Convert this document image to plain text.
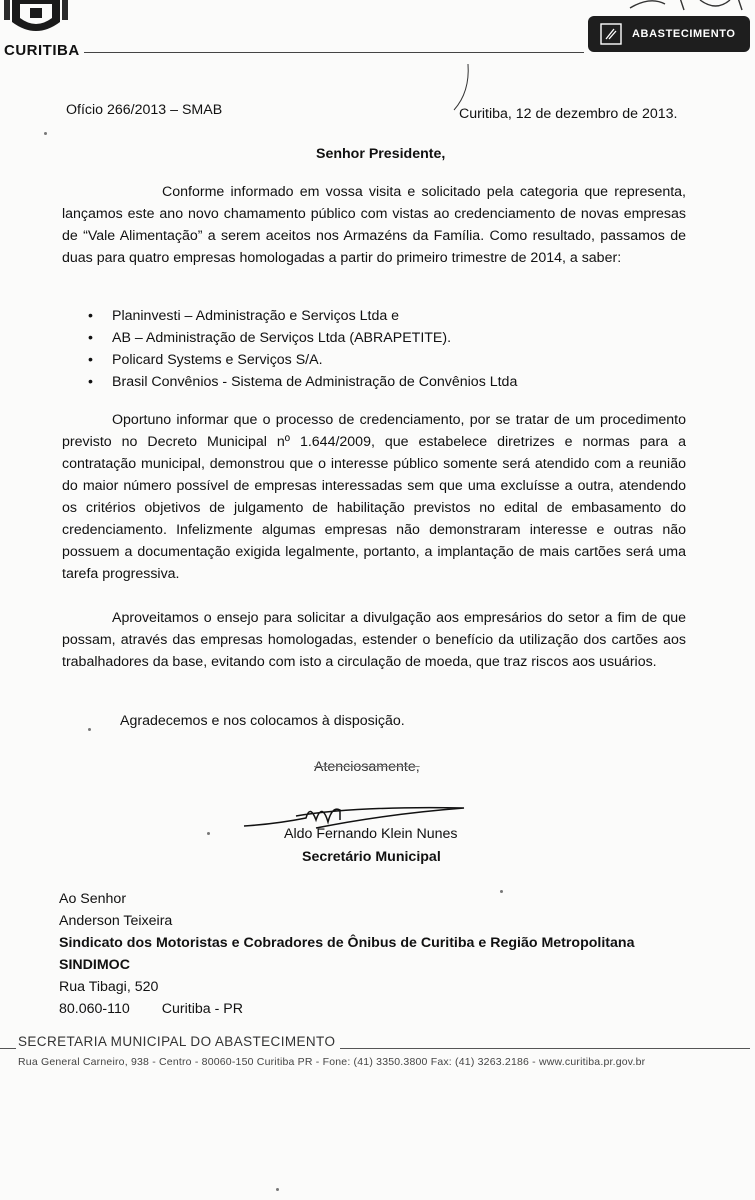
CURITIBA
ABASTECIMENTO
Ofício 266/2013 – SMAB	Curitiba, 12 de dezembro de 2013.
Senhor Presidente,
Conforme informado em vossa visita e solicitado pela categoria que representa, lançamos este ano novo chamamento público com vistas ao credenciamento de novas empresas de “Vale Alimentação” a serem aceitos nos Armazéns da Família. Como resultado, passamos de duas para quatro empresas homologadas a partir do primeiro trimestre de 2014, a saber:
• Planinvesti – Administração e Serviços Ltda e
• AB – Administração de Serviços Ltda (ABRAPETITE).
• Policard Systems e Serviços S/A.
• Brasil Convênios - Sistema de Administração de Convênios Ltda
Oportuno informar que o processo de credenciamento, por se tratar de um procedimento previsto no Decreto Municipal nº 1.644/2009, que estabelece diretrizes e normas para a contratação municipal, demonstrou que o interesse público somente será atendido com a reunião do maior número possível de empresas interessadas sem que uma excluísse a outra, atendendo os critérios objetivos de julgamento de habilitação previstos no edital de embasamento do credenciamento. Infelizmente algumas empresas não demonstraram interesse e outras não possuem a documentação exigida legalmente, portanto, a implantação de mais cartões será uma tarefa progressiva.
Aproveitamos o ensejo para solicitar a divulgação aos empresários do setor a fim de que possam, através das empresas homologadas, estender o benefício da utilização dos cartões aos trabalhadores da base, evitando com isto a circulação de moeda, que traz riscos aos usuários.
Agradecemos e nos colocamos à disposição.
Atenciosamente,
Aldo Fernando Klein Nunes
Secretário Municipal
Ao Senhor
Anderson Teixeira
Sindicato dos Motoristas e Cobradores de Ônibus de Curitiba e Região Metropolitana
SINDIMOC
Rua Tibagi, 520
80.060-110 Curitiba - PR
SECRETARIA MUNICIPAL DO ABASTECIMENTO
Rua General Carneiro, 938 - Centro - 80060-150 Curitiba PR - Fone: (41) 3350.3800 Fax: (41) 3263.2186 - www.curitiba.pr.gov.br
